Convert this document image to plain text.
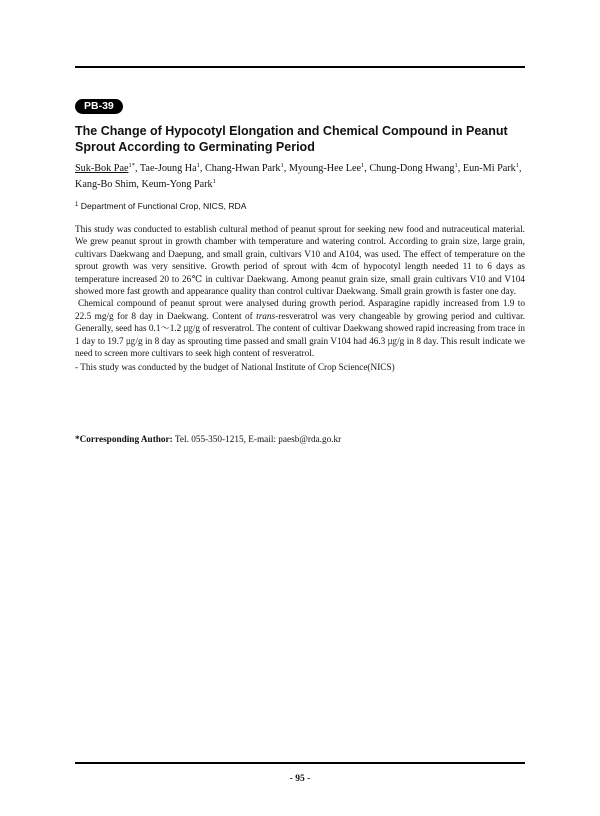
PB-39
The Change of Hypocotyl Elongation and Chemical Compound in Peanut Sprout According to Germinating Period

Suk-Bok Pae$^{1*}$, Tae-Joung Ha$^1$, Chang-Hwan Park$^1$, Myoung-Hee Lee$^1$, Chung-Dong Hwang$^1$, Eun-Mi Park$^1$,
Kang-Bo Shim, Keum-Yong Park$^1$

$^1$ Department of Functional Crop, NICS, RDA

This study was conducted to establish cultural method of peanut sprout for seeking new food and nutraceutical material. We grew peanut sprout in growth chamber with temperature and watering control. According to grain size, large grain, cultivars Daekwang and Daepung, and small grain, cultivars V10 and A104, was used. The effect of temperature on the sprout growth was very sensitive. Growth period of sprout with 4cm of hypocotyl length needed 11 to 6 days as temperature increased 20 to 26℃ in cultivar Daekwang. Among peanut grain size, small grain cultivars V10 and V104 showed more fast growth and appearance quality than control cultivar Daekwang. Small grain growth is faster one day.

Chemical compound of peanut sprout were analysed during growth period. Asparagine rapidly increased from 1.9 to 22.5 mg/g for 8 day in Daekwang. Content of trans-resveratrol was very changeable by growing period and cultivar. Generally, seed has 0.1～1.2 ㎍/g of resveratrol. The content of cultivar Daekwang showed rapid increasing from trace in 1 day to 19.7 ㎍/g in 8 day as sprouting time passed and small grain V104 had 46.3 ㎍/g in 8 day. This result indicate we need to screen more cultivars to seek high content of resveratrol.

- This study was conducted by the budget of National Institute of Crop Science(NICS)

*Corresponding Author: Tel. 055-350-1215, E-mail: paesb@rda.go.kr

- 95 -
